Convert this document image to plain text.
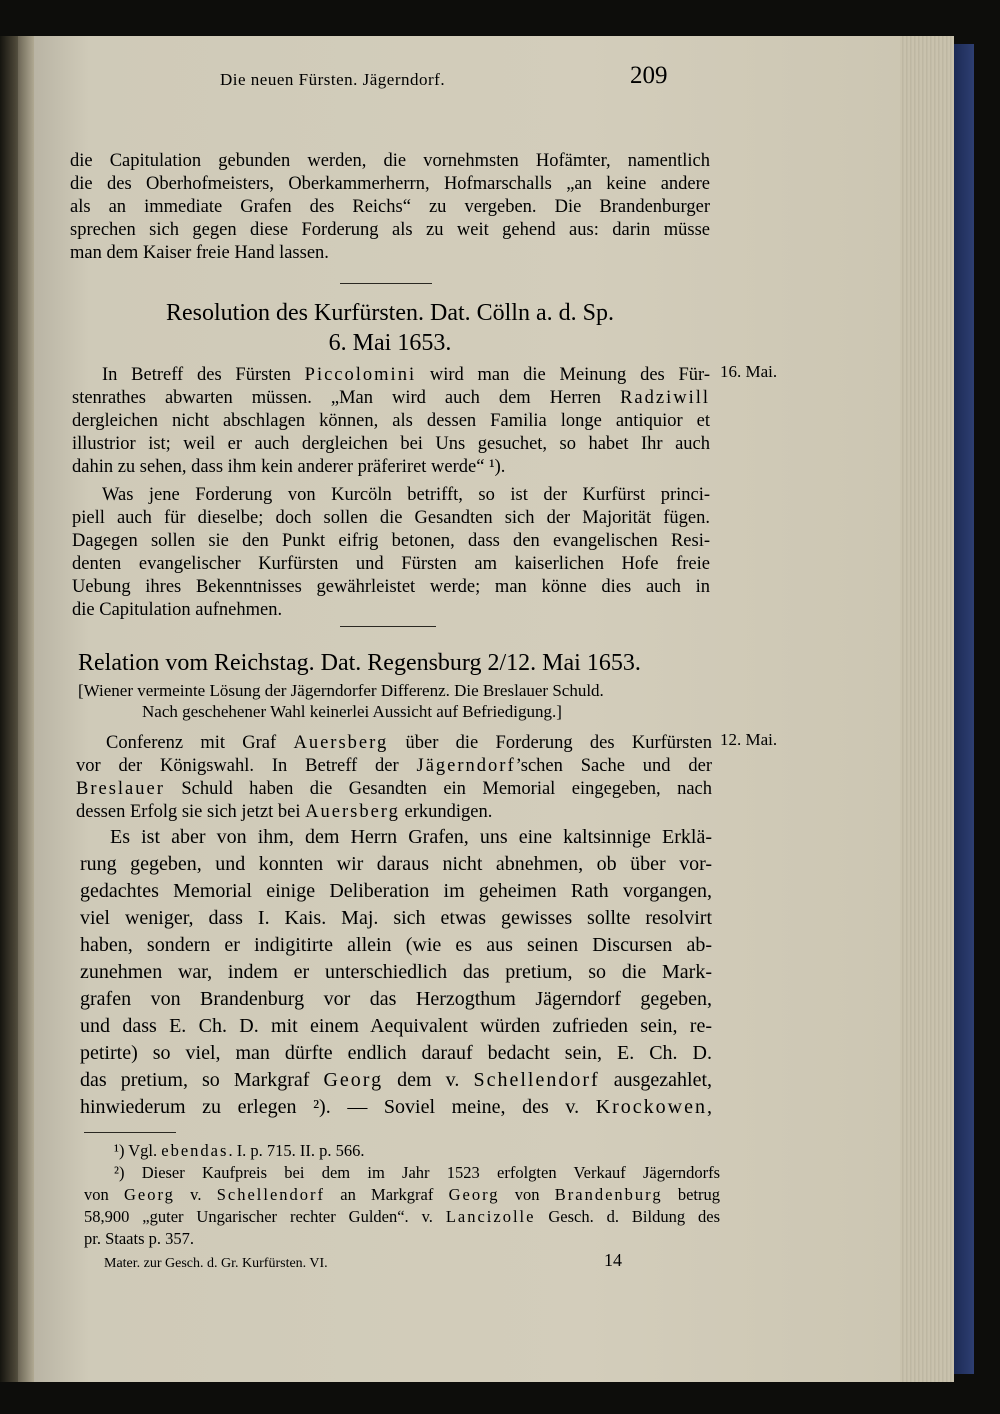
Die neuen Fürsten. Jägerndorf.	209
die Capitulation gebunden werden, die vornehmsten Hofämter, namentlich
die des Oberhofmeisters, Oberkammerherrn, Hofmarschalls „an keine andere
als an immediate Grafen des Reichs“ zu vergeben. Die Brandenburger
sprechen sich gegen diese Forderung als zu weit gehend aus: darin müsse
man dem Kaiser freie Hand lassen.
Resolution des Kurfürsten. Dat. Cölln a. d. Sp.
6. Mai 1653.
In Betreff des Fürsten Piccolomini wird man die Meinung des Für-
stenrathes abwarten müssen. „Man wird auch dem Herren Radziwill
dergleichen nicht abschlagen können, als dessen Familia longe antiquior et
illustrior ist; weil er auch dergleichen bei Uns gesuchet, so habet Ihr auch
dahin zu sehen, dass ihm kein anderer präferiret werde“ ¹).
16. Mai.
Was jene Forderung von Kurcöln betrifft, so ist der Kurfürst princi-
piell auch für dieselbe; doch sollen die Gesandten sich der Majorität fügen.
Dagegen sollen sie den Punkt eifrig betonen, dass den evangelischen Resi-
denten evangelischer Kurfürsten und Fürsten am kaiserlichen Hofe freie
Uebung ihres Bekenntnisses gewährleistet werde; man könne dies auch in
die Capitulation aufnehmen.
Relation vom Reichstag. Dat. Regensburg 2/12. Mai 1653.
[Wiener vermeinte Lösung der Jägerndorfer Differenz. Die Breslauer Schuld.
Nach geschehener Wahl keinerlei Aussicht auf Befriedigung.]
Conferenz mit Graf Auersberg über die Forderung des Kurfürsten
vor der Königswahl. In Betreff der Jägerndorf’schen Sache und der
Breslauer Schuld haben die Gesandten ein Memorial eingegeben, nach
dessen Erfolg sie sich jetzt bei Auersberg erkundigen.
12. Mai.
Es ist aber von ihm, dem Herrn Grafen, uns eine kaltsinnige Erklä-
rung gegeben, und konnten wir daraus nicht abnehmen, ob über vor-
gedachtes Memorial einige Deliberation im geheimen Rath vorgangen,
viel weniger, dass I. Kais. Maj. sich etwas gewisses sollte resolvirt
haben, sondern er indigitirte allein (wie es aus seinen Discursen ab-
zunehmen war, indem er unterschiedlich das pretium, so die Mark-
grafen von Brandenburg vor das Herzogthum Jägerndorf gegeben,
und dass E. Ch. D. mit einem Aequivalent würden zufrieden sein, re-
petirte) so viel, man dürfte endlich darauf bedacht sein, E. Ch. D.
das pretium, so Markgraf Georg dem v. Schellendorf ausgezahlet,
hinwiederum zu erlegen ²). — Soviel meine, des v. Krockowen,
¹) Vgl. ebendas. I. p. 715. II. p. 566.
²) Dieser Kaufpreis bei dem im Jahr 1523 erfolgten Verkauf Jägerndorfs
von Georg v. Schellendorf an Markgraf Georg von Brandenburg betrug
58,900 „guter Ungarischer rechter Gulden“. v. Lancizolle Gesch. d. Bildung des
pr. Staats p. 357.
Mater. zur Gesch. d. Gr. Kurfürsten. VI.	14
